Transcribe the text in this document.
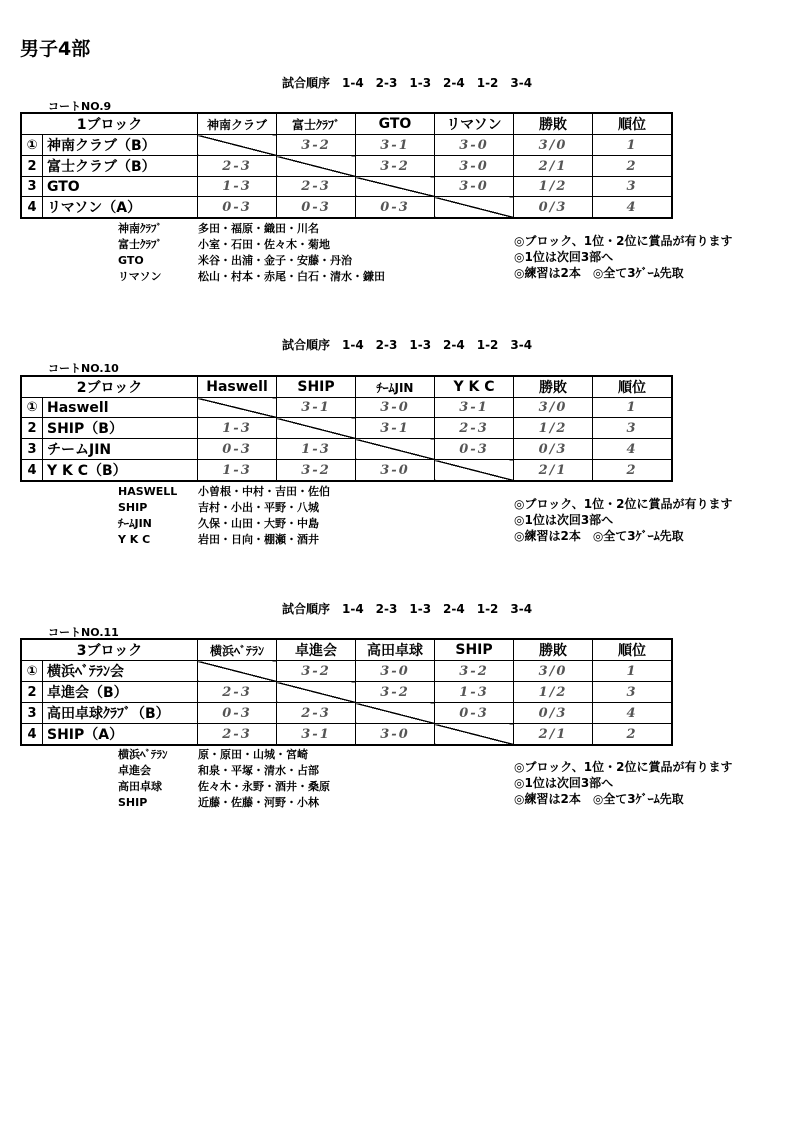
男子4部
試合順序　1-4　2-3　1-3　2-4　1-2　3-4
コートNO.9
1ブロック		神南クラブ	富士ｸﾗﾌﾞ	GTO	リマソン	勝敗	順位
①	神南クラブ（B）		3-2	3-1	3-0	3/0	1
2	富士クラブ（B）	2-3		3-2	3-0	2/1	2
3	GTO	1-3	2-3		3-0	1/2	3
4	リマソン（A）	0-3	0-3	0-3		0/3	4
神南ｸﾗﾌﾞ	多田・福原・織田・川名
富士ｸﾗﾌﾞ	小室・石田・佐々木・菊地
GTO	米谷・出浦・金子・安藤・丹治
リマソン	松山・村本・赤尾・白石・清水・鎌田
◎ブロック、1位・2位に賞品が有ります
◎1位は次回3部へ
◎練習は2本　◎全て3ｹﾞｰﾑ先取
試合順序　1-4　2-3　1-3　2-4　1-2　3-4
コートNO.10
2ブロック		Haswell	SHIP	ﾁｰﾑJIN	Y K C	勝敗	順位
①	Haswell		3-1	3-0	3-1	3/0	1
2	SHIP（B）	1-3		3-1	2-3	1/2	3
3	チームJIN	0-3	1-3		0-3	0/3	4
4	Y K C（B）	1-3	3-2	3-0		2/1	2
HASWELL 小曽根・中村・吉田・佐伯
SHIP	吉村・小出・平野・八城
ﾁｰﾑJIN	久保・山田・大野・中島
Y K C	岩田・日向・棚瀬・酒井
◎ブロック、1位・2位に賞品が有ります
◎1位は次回3部へ
◎練習は2本　◎全て3ｹﾞｰﾑ先取
試合順序　1-4　2-3　1-3　2-4　1-2　3-4
コートNO.11
3ブロック		横浜ﾍﾞﾃﾗﾝ	卓進会	高田卓球	SHIP	勝敗	順位
①	横浜ﾍﾞﾃﾗﾝ会		3-2	3-0	3-2	3/0	1
2	卓進会（B）	2-3		3-2	1-3	1/2	3
3	高田卓球ｸﾗﾌﾞ（B）	0-3	2-3		0-3	0/3	4
4	SHIP（A）	2-3	3-1	3-0		2/1	2
横浜ﾍﾞﾃﾗﾝ	原・原田・山城・宮崎
卓進会	和泉・平塚・清水・占部
高田卓球	佐々木・永野・酒井・桑原
SHIP	近藤・佐藤・河野・小林
◎ブロック、1位・2位に賞品が有ります
◎1位は次回3部へ
◎練習は2本　◎全て3ｹﾞｰﾑ先取
